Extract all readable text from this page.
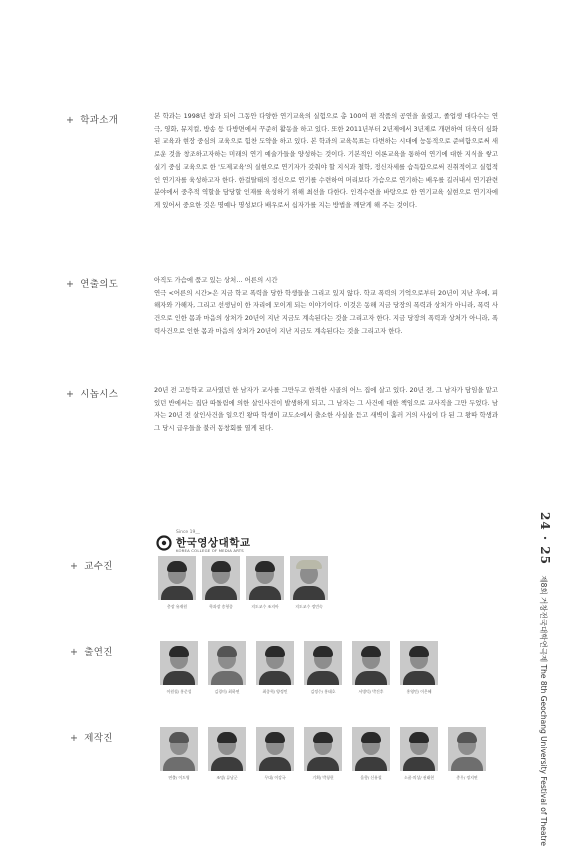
+ 학과소개	본 학과는 1998년 창과 되어 그동안 다양한 연기교육의 실험으로 총 100여 편 작품의 공연을 올렸고, 졸업생 대다수는 연극, 영화, 뮤지컬, 방송 등 다방면에서 꾸준히 활동을 하고 있다. 또한 2011년부터 2년제에서 3년제로 개편하여 더욱더 심화된 교육과 현장 중심의 교육으로 힘찬 도약을 하고 있다. 본 학과의 교육목표는 다변하는 시대에 능동적으로 준비함으로써 새로운 것을 창조하고자하는 미래의 연기 예술가들을 양성하는 것이다. 기본적인 이론교육을 통하여 연기에 대한 지식을 쌓고 실기 중심 교육으로 한 '도제교육'의 실현으로 연기자가 갖춰야 할 지식과 철학, 정신자세를 습득함으로써 진취적이고 실험적인 연기자를 육성하고자 한다. 한걸탈태의 정신으로 연기를 수련하여 머리보다 가슴으로 연기하는 배우를 길러내서 연기관련 분야에서 중추적 역할을 담당할 인재를 육성하기 위해 최선을 다한다. 인격수련을 바탕으로 한 연기교육 실현으로 연기자에게 있어서 중요한 것은 명예나 명성보다 배우로서 십자가를 지는 방법을 깨닫게 해 주는 것이다.
+ 연출의도	아직도 가슴에 품고 있는 상처… 어른의 시간
연극 <어른의 시간>은 지금 학교 폭력을 당한 학생들을 그리고 있지 않다. 학교 폭력의 기억으로부터 20년이 지난 후에, 피해자와 가해자, 그리고 선생님이 한 자리에 모이게 되는 이야기이다. 이것은 동해 지금 당장의 폭력과 상처가 아니라, 폭력 사건으로 인한 몸과 마음의 상처가 20년이 지난 지금도 계속된다는 것을 그리고자 한다. 지금 당장의 폭력과 상처가 아니라, 폭력사건으로 인한 몸과 마음의 상처가 20년이 지난 지금도 계속된다는 것을 그리고자 한다.
+ 시놉시스	20년 전 고등학교 교사였던 한 남자가 교사를 그만두고 한적한 시골의 어느 집에 살고 있다. 20년 전, 그 남자가 담임을 맡고 있던 반에서는 집단 따돌림에 의한 살인사건이 발생하게 되고, 그 남자는 그 사건에 대한 책임으로 교사직을 그만 두었다. 남자는 20년 전 살인사건을 일으킨 왕따 학생이 교도소에서 출소한 사실을 듣고 새벽이 흘러 거의 사십이 다 된 그 왕따 학생과 그 당시 급우들을 불러 동창회를 열게 된다.
24 · 25 제8회 거창전국대학연극제 The 8th Geochang University Festival of Theatre
Since 19__
한국영상대학교
KOREA COLLEGE OF MEDIA ARTS
+ 교수진
총장 유재원	학과장 송형종	지도교수 조지아	지도교수 정민숙
+ 출연진
이원철/ 홍준성	김경미/ 최하연	최종혁/ 양정민	김정수/ 홍태호	서병덕/ 박건후	홍영민/ 이은혜
+ 제작진
연출/ 이도영	조명/ 류남군	무대/ 이강국	기획/ 박청헌	음향/ 신유철	소품·의상/ 권태현	총무/ 정지연
